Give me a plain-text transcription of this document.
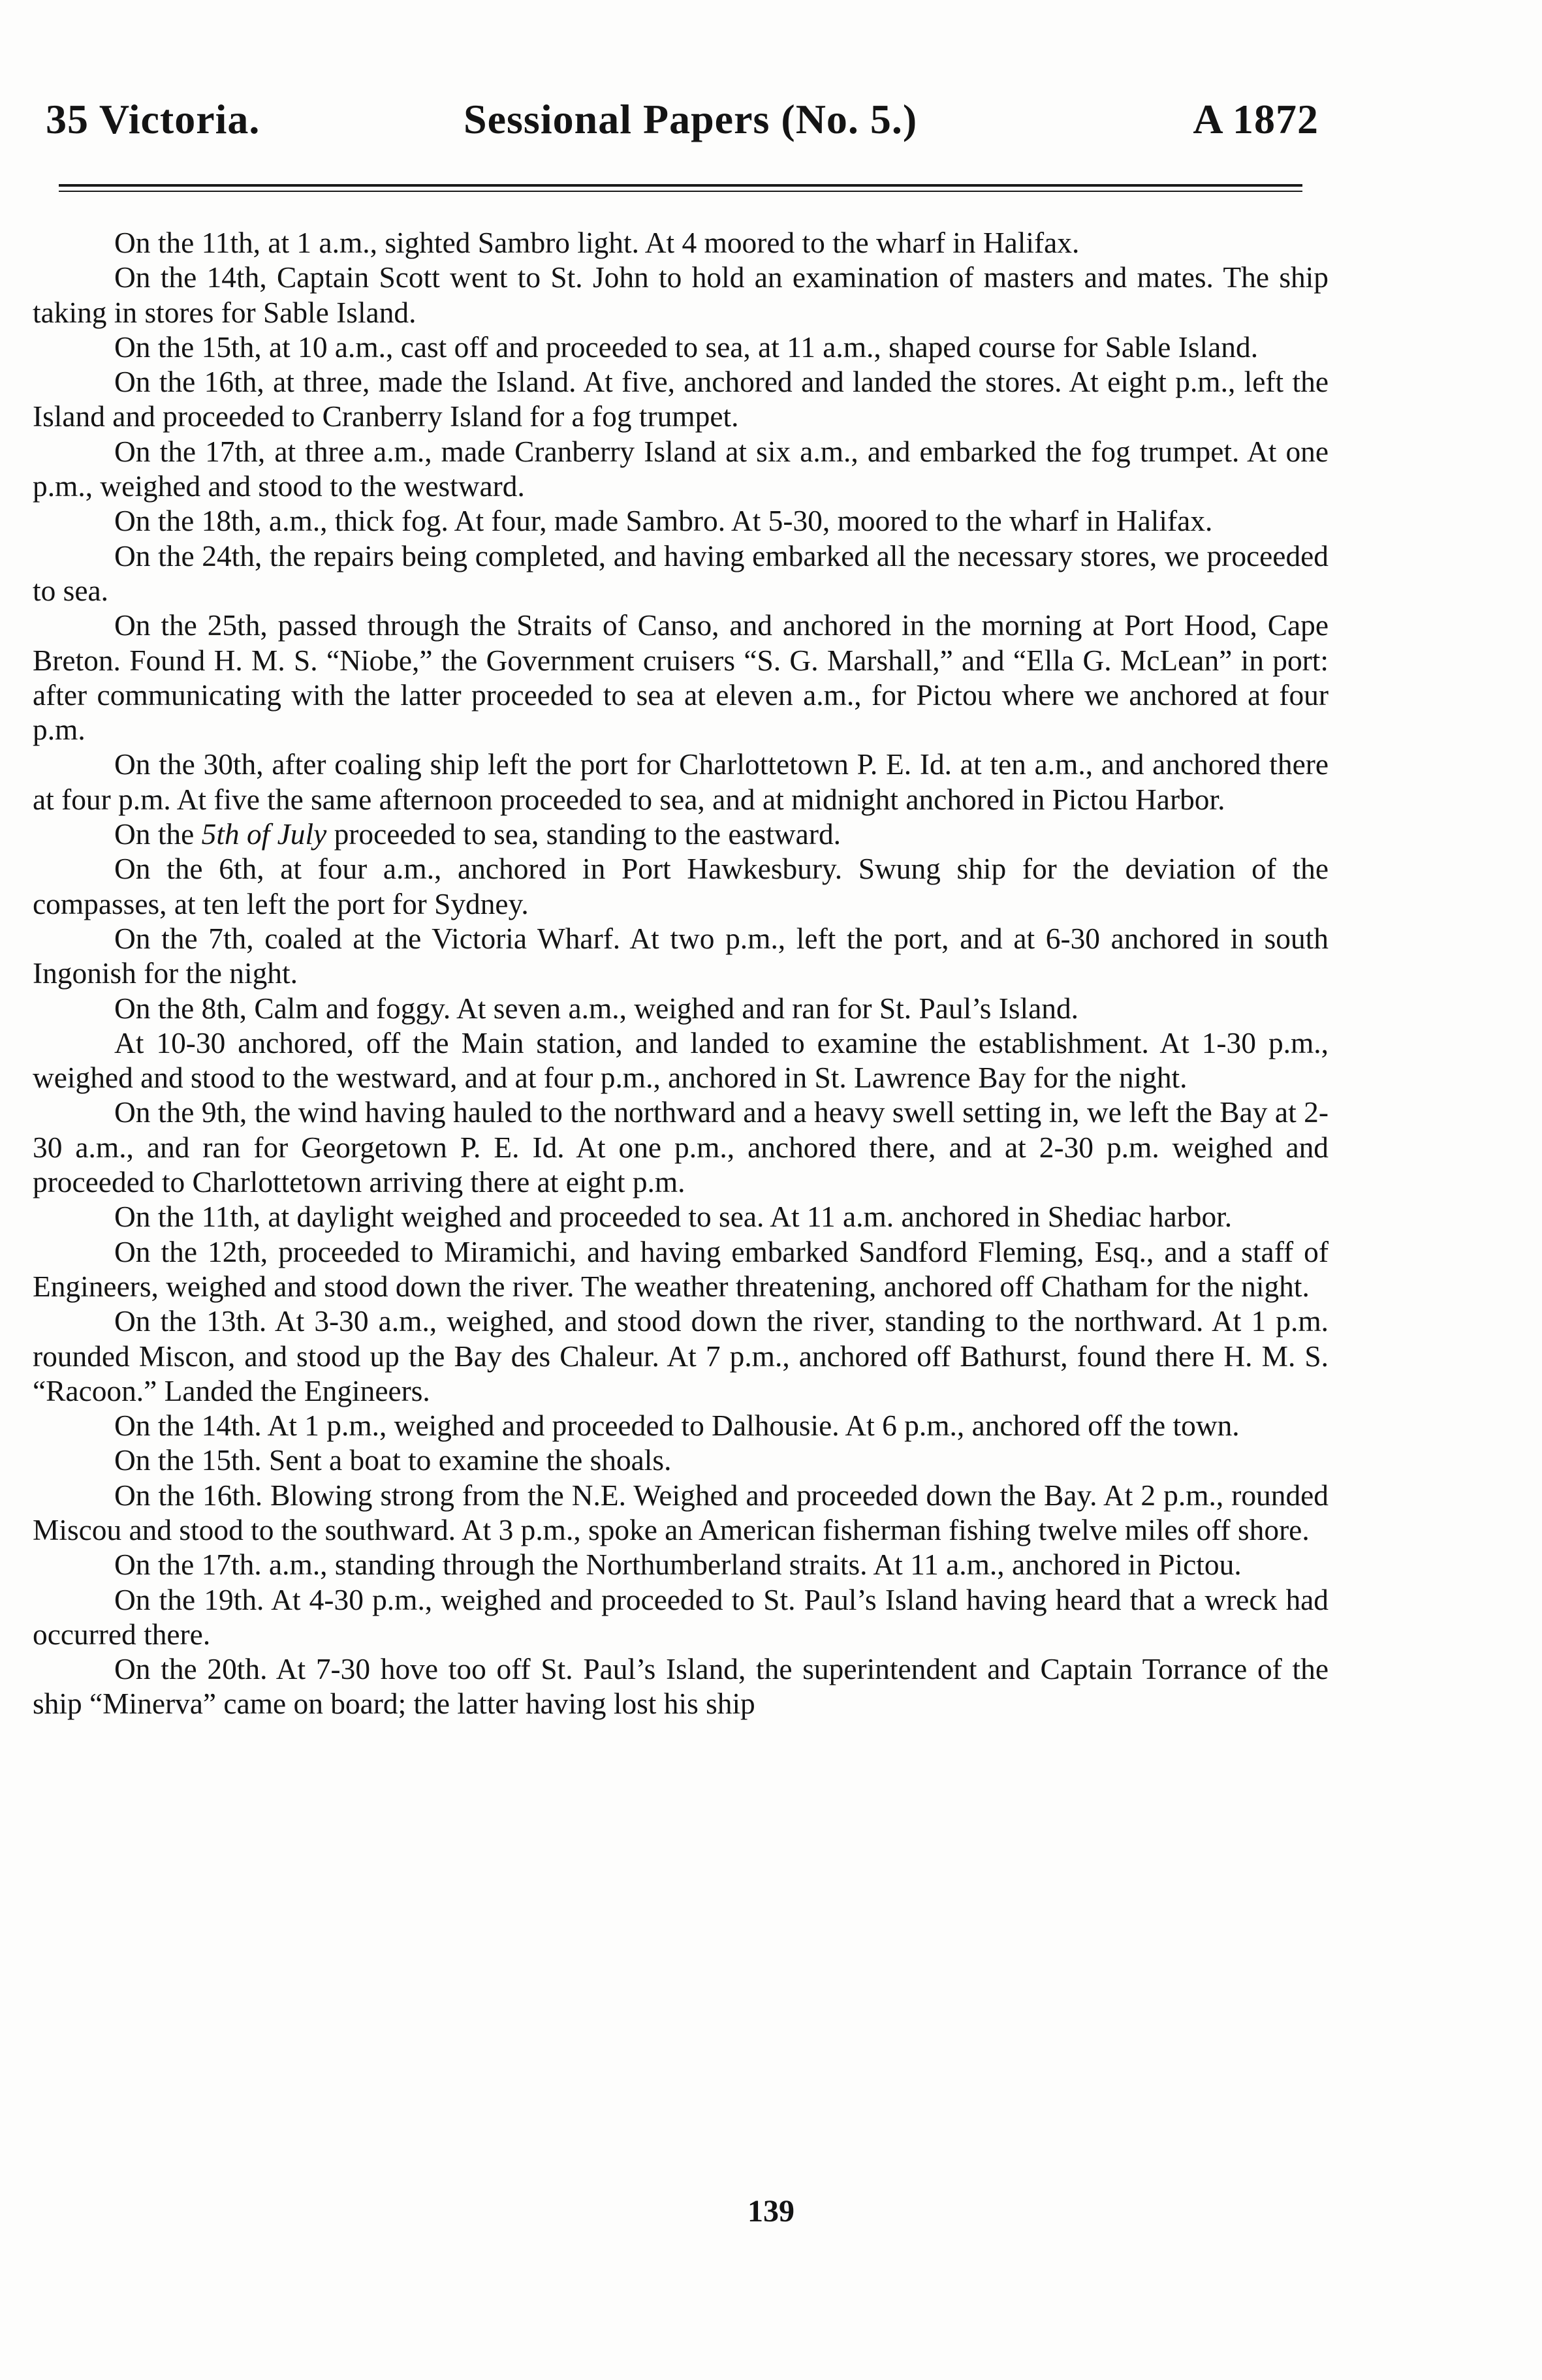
35 Victoria.	Sessional Papers (No. 5.)	A 1872

On the 11th, at 1 a.m., sighted Sambro light. At 4 moored to the wharf in Halifax.

On the 14th, Captain Scott went to St. John to hold an examination of masters and mates. The ship taking in stores for Sable Island.

On the 15th, at 10 a.m., cast off and proceeded to sea, at 11 a.m., shaped course for Sable Island.

On the 16th, at three, made the Island. At five, anchored and landed the stores. At eight p.m., left the Island and proceeded to Cranberry Island for a fog trumpet.

On the 17th, at three a.m., made Cranberry Island at six a.m., and embarked the fog trumpet. At one p.m., weighed and stood to the westward.

On the 18th, a.m., thick fog. At four, made Sambro. At 5-30, moored to the wharf in Halifax.

On the 24th, the repairs being completed, and having embarked all the necessary stores, we proceeded to sea.

On the 25th, passed through the Straits of Canso, and anchored in the morning at Port Hood, Cape Breton. Found H. M. S. “Niobe,” the Government cruisers “S. G. Marshall,” and “Ella G. McLean” in port: after communicating with the latter proceeded to sea at eleven a.m., for Pictou where we anchored at four p.m.

On the 30th, after coaling ship left the port for Charlottetown P. E. Id. at ten a.m., and anchored there at four p.m. At five the same afternoon proceeded to sea, and at midnight anchored in Pictou Harbor.

On the 5th of July proceeded to sea, standing to the eastward.

On the 6th, at four a.m., anchored in Port Hawkesbury. Swung ship for the deviation of the compasses, at ten left the port for Sydney.

On the 7th, coaled at the Victoria Wharf. At two p.m., left the port, and at 6-30 anchored in south Ingonish for the night.

On the 8th, Calm and foggy. At seven a.m., weighed and ran for St. Paul’s Island.

At 10-30 anchored, off the Main station, and landed to examine the establishment. At 1-30 p.m., weighed and stood to the westward, and at four p.m., anchored in St. Lawrence Bay for the night.

On the 9th, the wind having hauled to the northward and a heavy swell setting in, we left the Bay at 2-30 a.m., and ran for Georgetown P. E. Id. At one p.m., anchored there, and at 2-30 p.m. weighed and proceeded to Charlottetown arriving there at eight p.m.

On the 11th, at daylight weighed and proceeded to sea. At 11 a.m. anchored in Shediac harbor.

On the 12th, proceeded to Miramichi, and having embarked Sandford Fleming, Esq., and a staff of Engineers, weighed and stood down the river. The weather threatening, anchored off Chatham for the night.

On the 13th. At 3-30 a.m., weighed, and stood down the river, standing to the northward. At 1 p.m. rounded Miscon, and stood up the Bay des Chaleur. At 7 p.m., anchored off Bathurst, found there H. M. S. “Racoon.” Landed the Engineers.

On the 14th. At 1 p.m., weighed and proceeded to Dalhousie. At 6 p.m., anchored off the town.

On the 15th. Sent a boat to examine the shoals.

On the 16th. Blowing strong from the N.E. Weighed and proceeded down the Bay. At 2 p.m., rounded Miscou and stood to the southward. At 3 p.m., spoke an American fisherman fishing twelve miles off shore.

On the 17th. a.m., standing through the Northumberland straits. At 11 a.m., anchored in Pictou.

On the 19th. At 4-30 p.m., weighed and proceeded to St. Paul’s Island having heard that a wreck had occurred there.

On the 20th. At 7-30 hove too off St. Paul’s Island, the superintendent and Captain Torrance of the ship “Minerva” came on board; the latter having lost his ship

139
